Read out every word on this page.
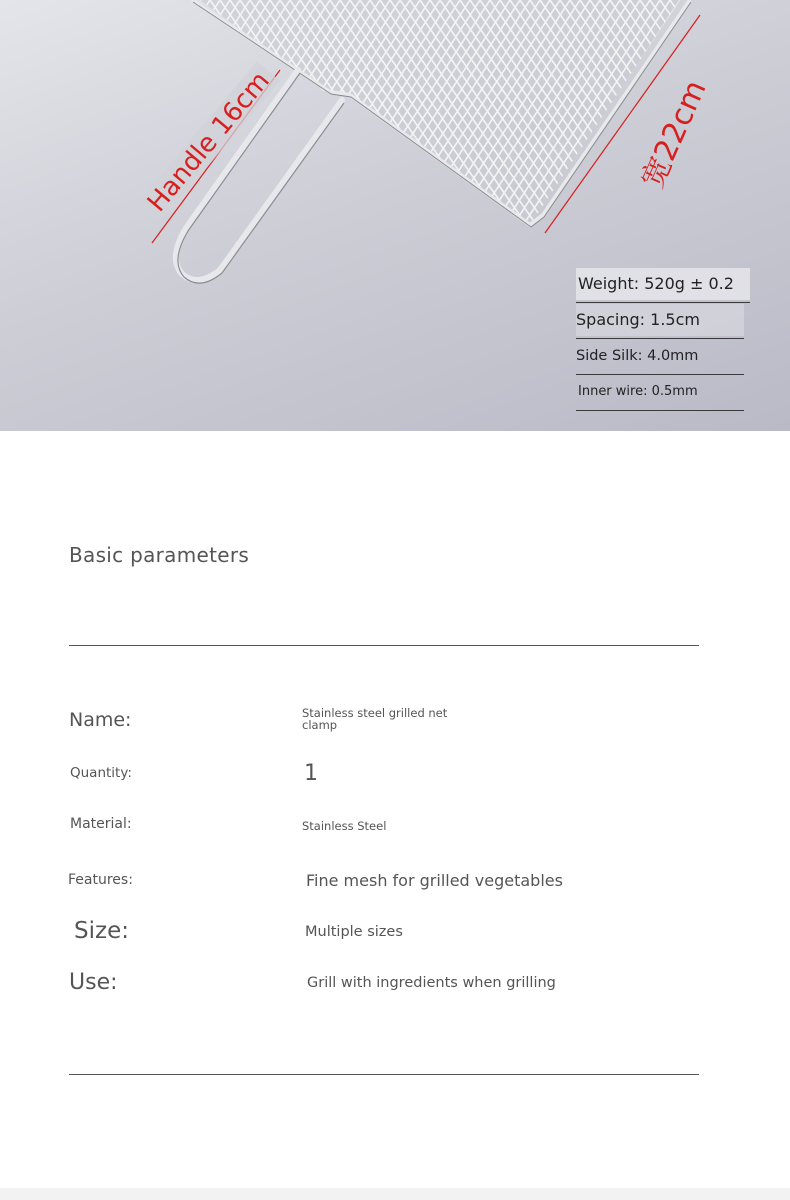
Handle 16cm	宽22cm
Weight: 520g ± 0.2
Spacing: 1.5cm
Side Silk: 4.0mm
Inner wire: 0.5mm
Basic parameters
Name:	Stainless steel grilled net clamp
Quantity:	1
Material:	Stainless Steel
Features:	Fine mesh for grilled vegetables
Size:	Multiple sizes
Use:	Grill with ingredients when grilling
